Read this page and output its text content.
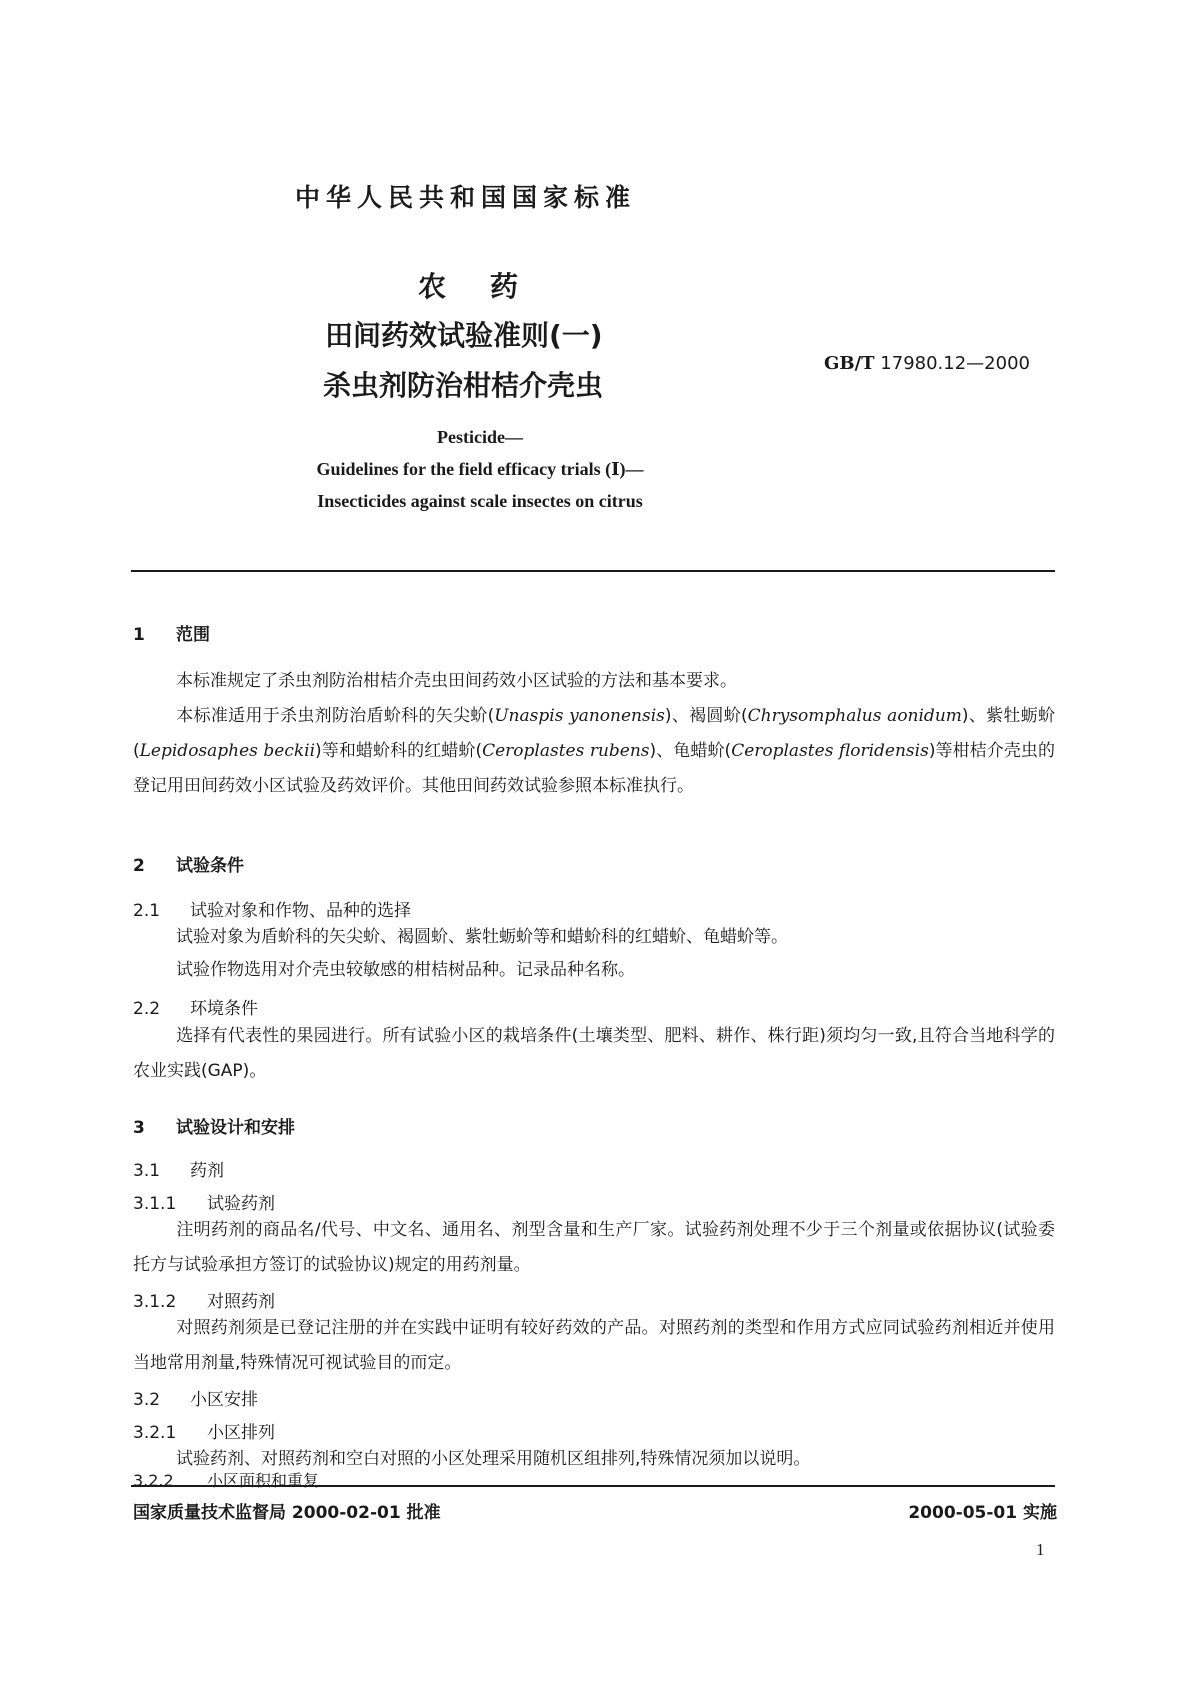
中华人民共和国国家标准
农药
田间药效试验准则(一)
杀虫剂防治柑桔介壳虫
GB/T 17980.12—2000
Pesticide—
Guidelines for the field efficacy trials (Ⅰ)—
Insecticides against scale insectes on citrus
1 范围
本标准规定了杀虫剂防治柑桔介壳虫田间药效小区试验的方法和基本要求。
本标准适用于杀虫剂防治盾蚧科的矢尖蚧(Unaspis yanonensis)、褐圆蚧(Chrysomphalus aonidum)、紫牡蛎蚧(Lepidosaphes beckii)等和蜡蚧科的红蜡蚧(Ceroplastes rubens)、龟蜡蚧(Ceroplastes floridensis)等柑桔介壳虫的登记用田间药效小区试验及药效评价。其他田间药效试验参照本标准执行。
2 试验条件
2.1 试验对象和作物、品种的选择
试验对象为盾蚧科的矢尖蚧、褐圆蚧、紫牡蛎蚧等和蜡蚧科的红蜡蚧、龟蜡蚧等。
试验作物选用对介壳虫较敏感的柑桔树品种。记录品种名称。
2.2 环境条件
选择有代表性的果园进行。所有试验小区的栽培条件(土壤类型、肥料、耕作、株行距)须均匀一致,且符合当地科学的农业实践(GAP)。
3 试验设计和安排
3.1 药剂
3.1.1 试验药剂
注明药剂的商品名/代号、中文名、通用名、剂型含量和生产厂家。试验药剂处理不少于三个剂量或依据协议(试验委托方与试验承担方签订的试验协议)规定的用药剂量。
3.1.2 对照药剂
对照药剂须是已登记注册的并在实践中证明有较好药效的产品。对照药剂的类型和作用方式应同试验药剂相近并使用当地常用剂量,特殊情况可视试验目的而定。
3.2 小区安排
3.2.1 小区排列
试验药剂、对照药剂和空白对照的小区处理采用随机区组排列,特殊情况须加以说明。
3.2.2 小区面积和重复
国家质量技术监督局 2000-02-01 批准	2000-05-01 实施
1
